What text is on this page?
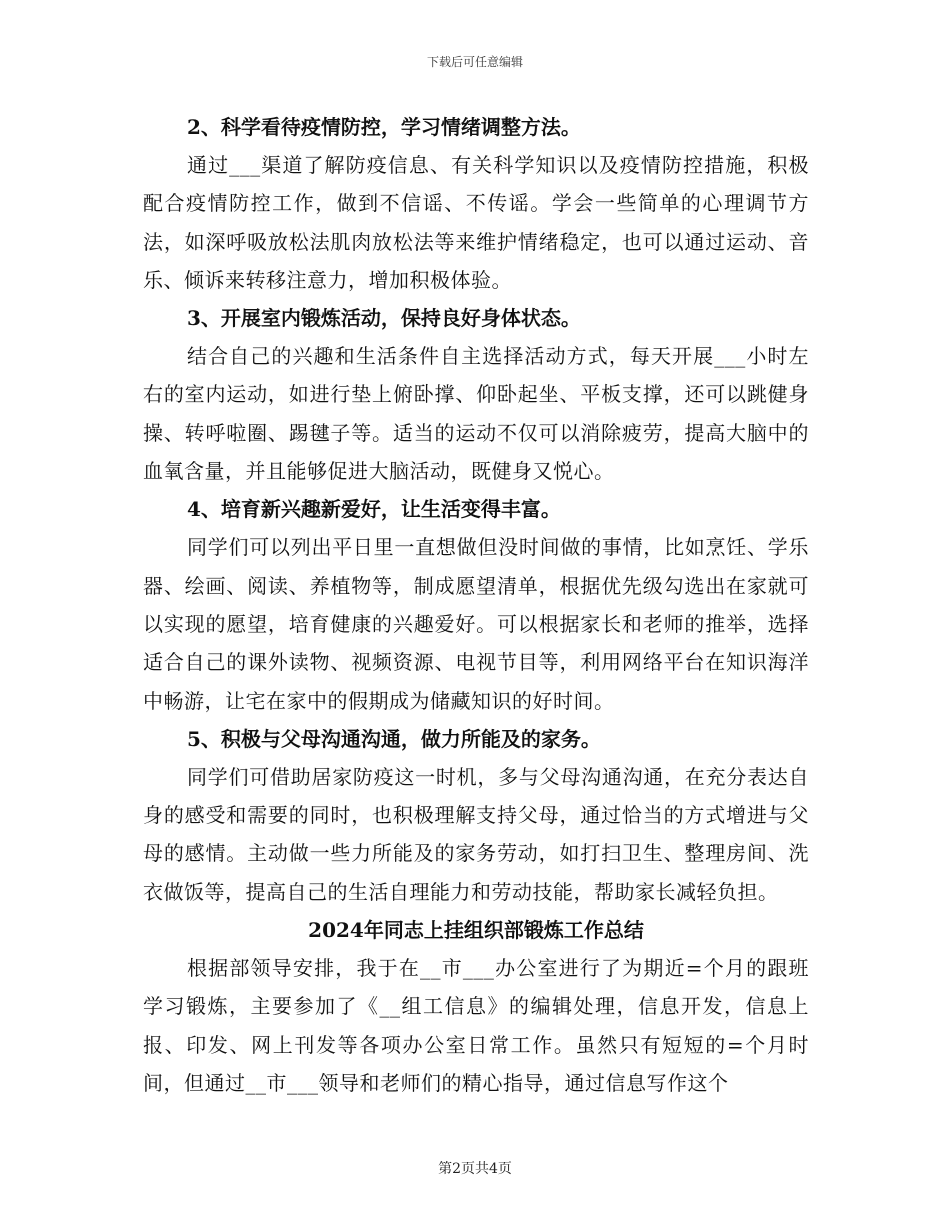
下载后可任意编辑

2、科学看待疫情防控，学习情绪调整方法。

通过___渠道了解防疫信息、有关科学知识以及疫情防控措施，积极配合疫情防控工作，做到不信谣、不传谣。学会一些简单的心理调节方法，如深呼吸放松法肌肉放松法等来维护情绪稳定，也可以通过运动、音乐、倾诉来转移注意力，增加积极体验。

3、开展室内锻炼活动，保持良好身体状态。

结合自己的兴趣和生活条件自主选择活动方式，每天开展___小时左右的室内运动，如进行垫上俯卧撑、仰卧起坐、平板支撑，还可以跳健身操、转呼啦圈、踢毽子等。适当的运动不仅可以消除疲劳，提高大脑中的血氧含量，并且能够促进大脑活动，既健身又悦心。

4、培育新兴趣新爱好，让生活变得丰富。

同学们可以列出平日里一直想做但没时间做的事情，比如烹饪、学乐器、绘画、阅读、养植物等，制成愿望清单，根据优先级勾选出在家就可以实现的愿望，培育健康的兴趣爱好。可以根据家长和老师的推举，选择适合自己的课外读物、视频资源、电视节目等，利用网络平台在知识海洋中畅游，让宅在家中的假期成为储藏知识的好时间。

5、积极与父母沟通沟通，做力所能及的家务。

同学们可借助居家防疫这一时机，多与父母沟通沟通，在充分表达自身的感受和需要的同时，也积极理解支持父母，通过恰当的方式增进与父母的感情。主动做一些力所能及的家务劳动，如打扫卫生、整理房间、洗衣做饭等，提高自己的生活自理能力和劳动技能，帮助家长减轻负担。

2024年同志上挂组织部锻炼工作总结

根据部领导安排，我于在__市___办公室进行了为期近=个月的跟班学习锻炼，主要参加了《__组工信息》的编辑处理，信息开发，信息上报、印发、网上刊发等各项办公室日常工作。虽然只有短短的=个月时间，但通过__市___领导和老师们的精心指导，通过信息写作这个

第2页共4页
